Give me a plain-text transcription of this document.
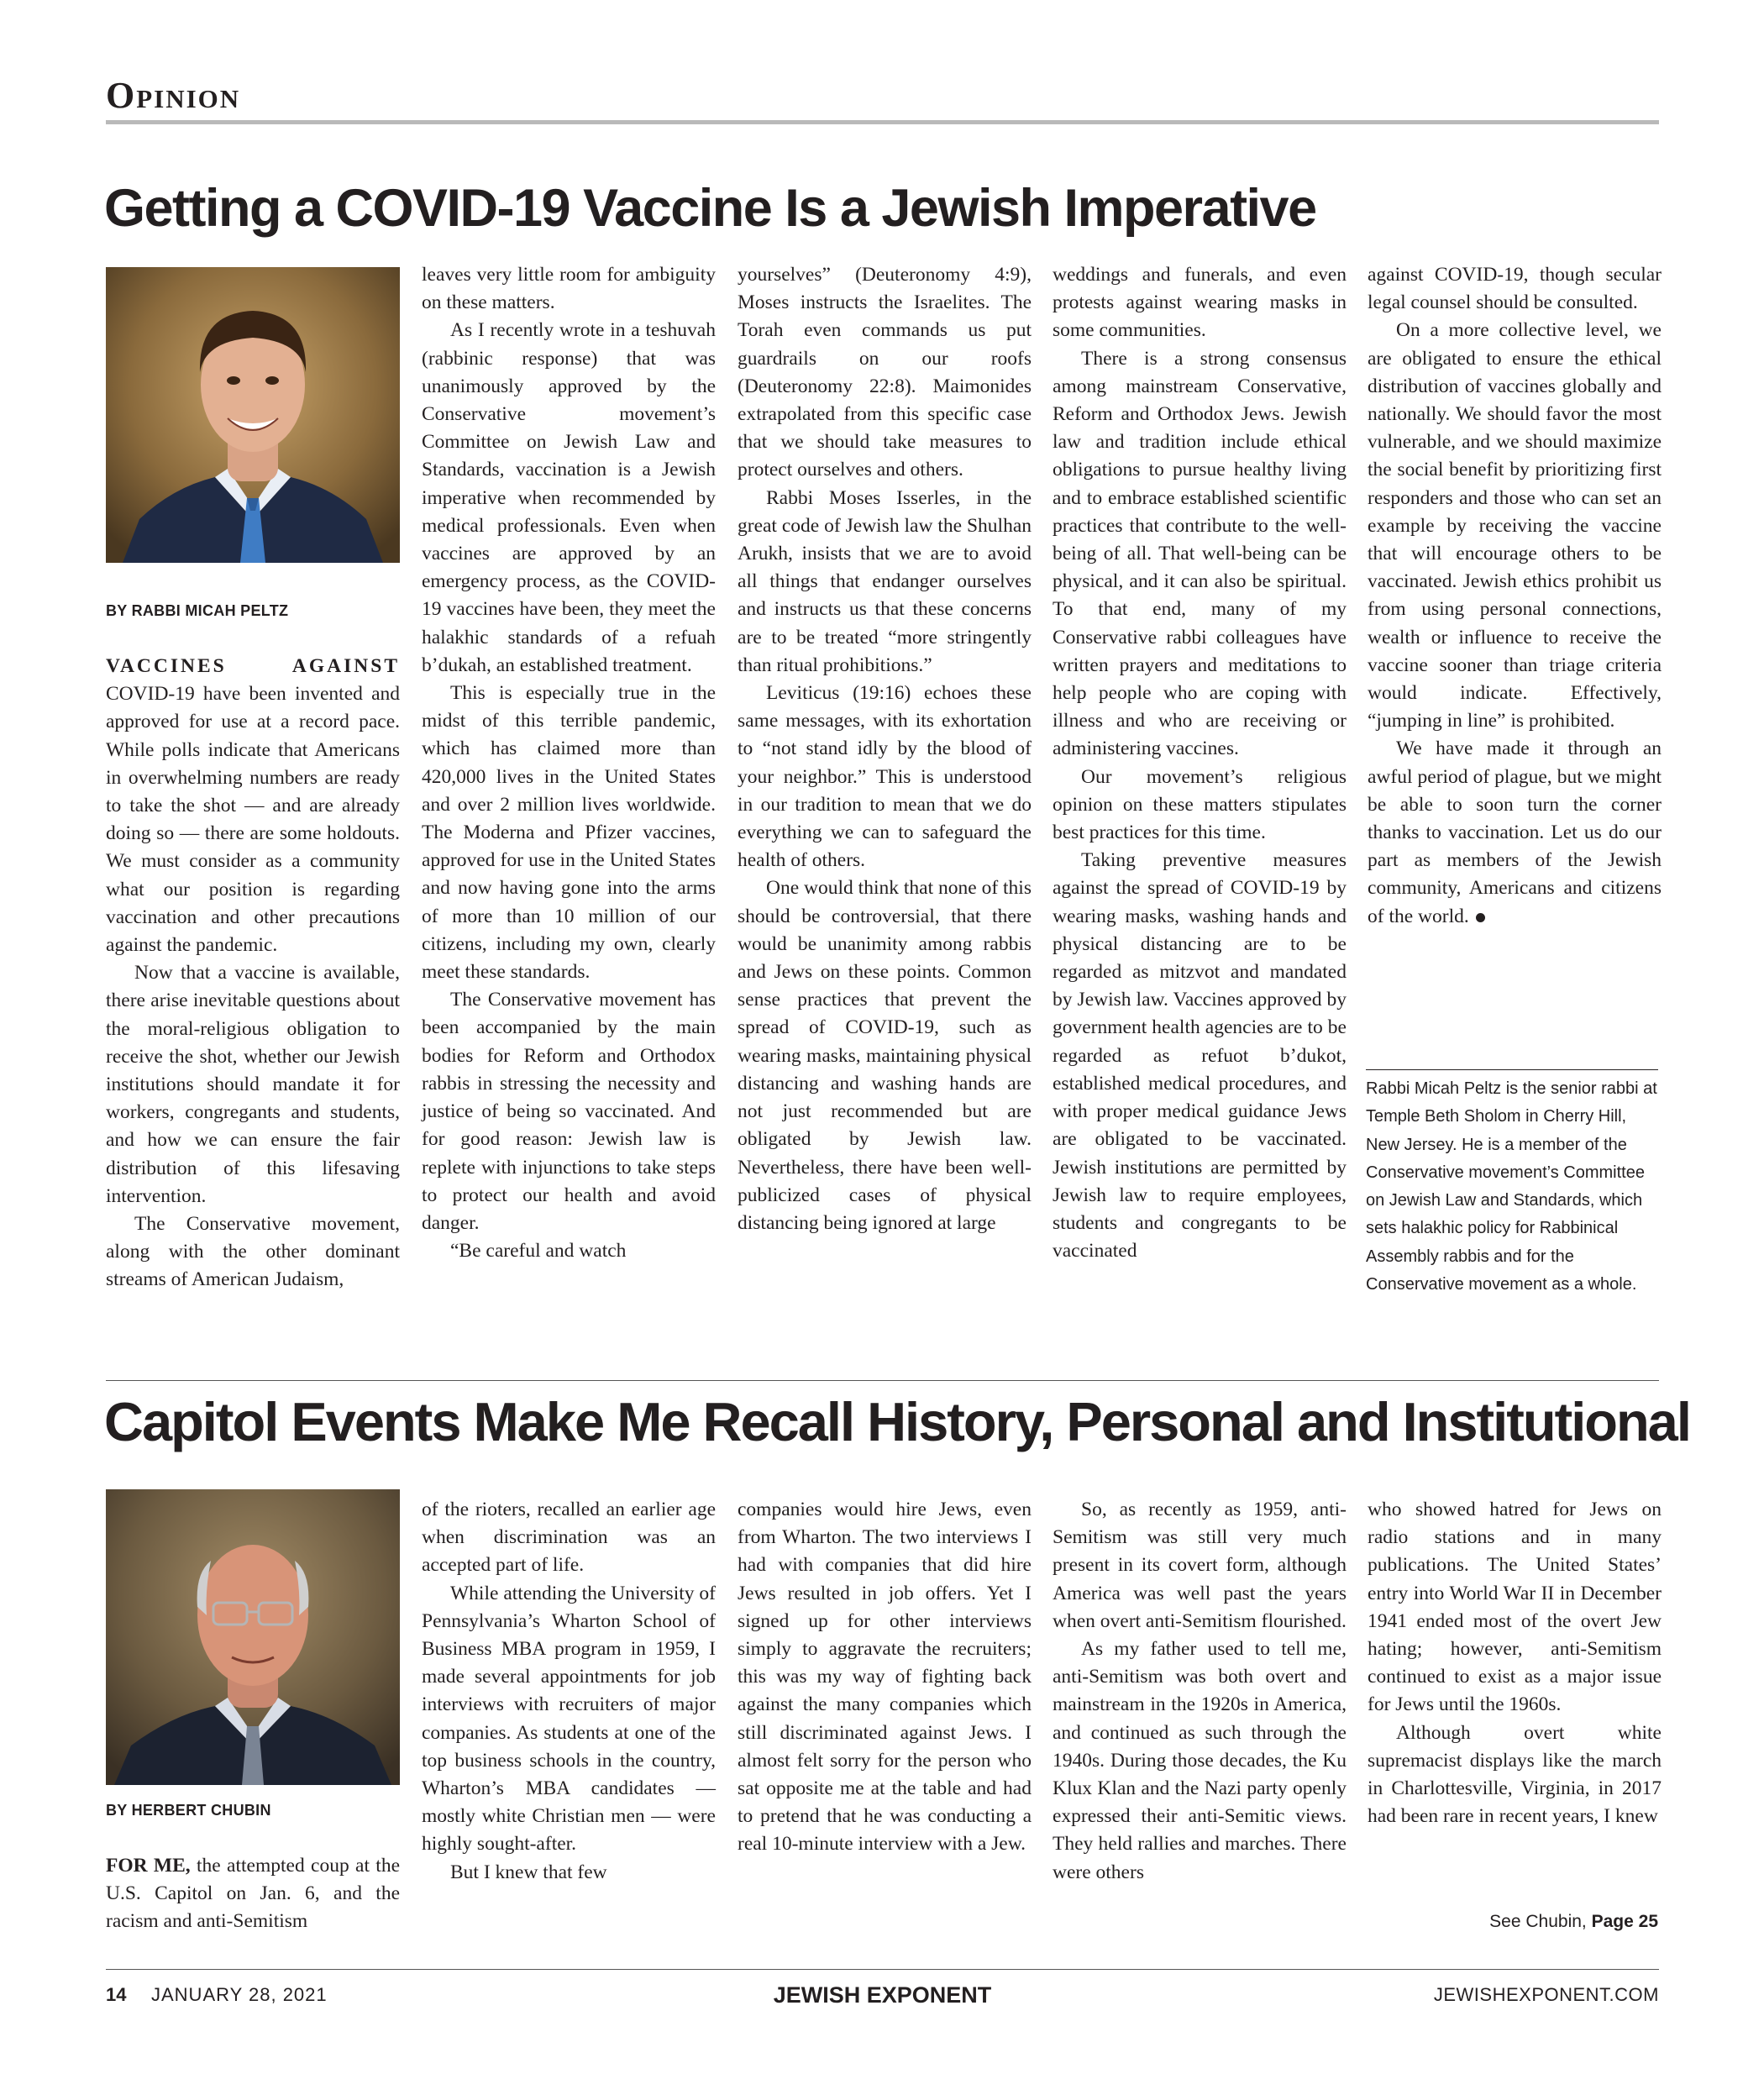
Opinion
Getting a COVID-19 Vaccine Is a Jewish Imperative

BY RABBI MICAH PELTZ

VACCINES AGAINST COVID-19 have been invented and approved for use at a record pace. While polls indicate that Americans in overwhelming numbers are ready to take the shot — and are already doing so — there are some holdouts. We must consider as a community what our position is regarding vaccination and other precautions against the pandemic.

Now that a vaccine is available, there arise inevitable questions about the moral-religious obligation to receive the shot, whether our Jewish institutions should mandate it for workers, congregants and students, and how we can ensure the fair distribution of this lifesaving intervention.

The Conservative movement, along with the other dominant streams of American Judaism,

leaves very little room for ambiguity on these matters.

As I recently wrote in a teshuvah (rabbinic response) that was unanimously approved by the Conservative movement’s Committee on Jewish Law and Standards, vaccination is a Jewish imperative when recommended by medical professionals. Even when vaccines are approved by an emergency process, as the COVID-19 vaccines have been, they meet the halakhic standards of a refuah b’dukah, an established treatment.

This is especially true in the midst of this terrible pandemic, which has claimed more than 420,000 lives in the United States and over 2 million lives worldwide. The Moderna and Pfizer vaccines, approved for use in the United States and now having gone into the arms of more than 10 million of our citizens, including my own, clearly meet these standards.

The Conservative movement has been accompanied by the main bodies for Reform and Orthodox rabbis in stressing the necessity and justice of being so vaccinated. And for good reason: Jewish law is replete with injunctions to take steps to protect our health and avoid danger.

“Be careful and watch

yourselves” (Deuteronomy 4:9), Moses instructs the Israelites. The Torah even commands us put guardrails on our roofs (Deuteronomy 22:8). Maimonides extrapolated from this specific case that we should take measures to protect ourselves and others.

Rabbi Moses Isserles, in the great code of Jewish law the Shulhan Arukh, insists that we are to avoid all things that endanger ourselves and instructs us that these concerns are to be treated “more stringently than ritual prohibitions.”

Leviticus (19:16) echoes these same messages, with its exhortation to “not stand idly by the blood of your neighbor.” This is understood in our tradition to mean that we do everything we can to safeguard the health of others.

One would think that none of this should be controversial, that there would be unanimity among rabbis and Jews on these points. Common sense practices that prevent the spread of COVID-19, such as wearing masks, maintaining physical distancing and washing hands are not just recommended but are obligated by Jewish law. Nevertheless, there have been well-publicized cases of physical distancing being ignored at large

weddings and funerals, and even protests against wearing masks in some communities.

There is a strong consensus among mainstream Conservative, Reform and Orthodox Jews. Jewish law and tradition include ethical obligations to pursue healthy living and to embrace established scientific practices that contribute to the well-being of all. That well-being can be physical, and it can also be spiritual. To that end, many of my Conservative rabbi colleagues have written prayers and meditations to help people who are coping with illness and who are receiving or administering vaccines.

Our movement’s religious opinion on these matters stipulates best practices for this time.

Taking preventive measures against the spread of COVID-19 by wearing masks, washing hands and physical distancing are to be regarded as mitzvot and mandated by Jewish law. Vaccines approved by government health agencies are to be regarded as refuot b’dukot, established medical procedures, and with proper medical guidance Jews are obligated to be vaccinated. Jewish institutions are permitted by Jewish law to require employees, students and congregants to be vaccinated

against COVID-19, though secular legal counsel should be consulted.

On a more collective level, we are obligated to ensure the ethical distribution of vaccines globally and nationally. We should favor the most vulnerable, and we should maximize the social benefit by prioritizing first responders and those who can set an example by receiving the vaccine that will encourage others to be vaccinated. Jewish ethics prohibit us from using personal connections, wealth or influence to receive the vaccine sooner than triage criteria would indicate. Effectively, “jumping in line” is prohibited.

We have made it through an awful period of plague, but we might be able to soon turn the corner thanks to vaccination. Let us do our part as members of the Jewish community, Americans and citizens of the world.

Rabbi Micah Peltz is the senior rabbi at Temple Beth Sholom in Cherry Hill, New Jersey. He is a member of the Conservative movement’s Committee on Jewish Law and Standards, which sets halakhic policy for Rabbinical Assembly rabbis and for the Conservative movement as a whole.

Capitol Events Make Me Recall History, Personal and Institutional

BY HERBERT CHUBIN

FOR ME, the attempted coup at the U.S. Capitol on Jan. 6, and the racism and anti-Semitism

of the rioters, recalled an earlier age when discrimination was an accepted part of life.

While attending the University of Pennsylvania’s Wharton School of Business MBA program in 1959, I made several appointments for job interviews with recruiters of major companies. As students at one of the top business schools in the country, Wharton’s MBA candidates — mostly white Christian men — were highly sought-after.

But I knew that few

companies would hire Jews, even from Wharton. The two interviews I had with companies that did hire Jews resulted in job offers. Yet I signed up for other interviews simply to aggravate the recruiters; this was my way of fighting back against the many companies which still discriminated against Jews. I almost felt sorry for the person who sat opposite me at the table and had to pretend that he was conducting a real 10-minute interview with a Jew.

So, as recently as 1959, anti-Semitism was still very much present in its covert form, although America was well past the years when overt anti-Semitism flourished.

As my father used to tell me, anti-Semitism was both overt and mainstream in the 1920s in America, and continued as such through the 1940s. During those decades, the Ku Klux Klan and the Nazi party openly expressed their anti-Semitic views. They held rallies and marches. There were others

who showed hatred for Jews on radio stations and in many publications. The United States’ entry into World War II in December 1941 ended most of the overt Jew hating; however, anti-Semitism continued to exist as a major issue for Jews until the 1960s.

Although overt white supremacist displays like the march in Charlottesville, Virginia, in 2017 had been rare in recent years, I knew

See Chubin, Page 25

14 JANUARY 28, 2021	JEWISH EXPONENT	JEWISHEXPONENT.COM
